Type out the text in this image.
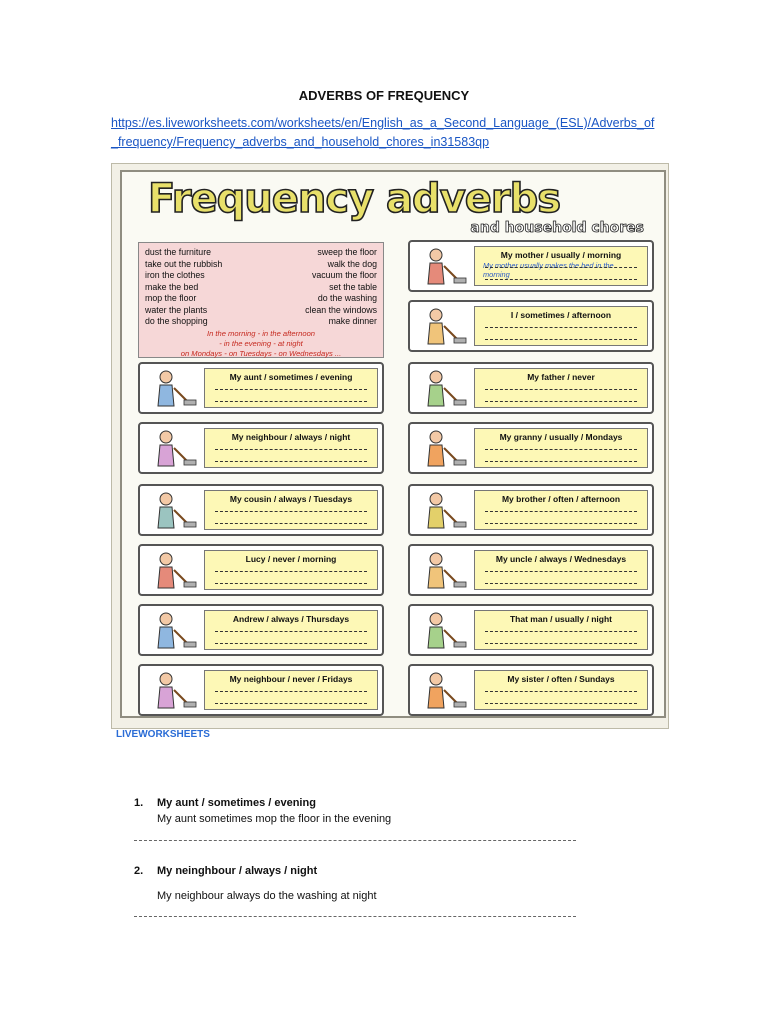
ADVERBS OF FREQUENCY
https://es.liveworksheets.com/worksheets/en/English_as_a_Second_Language_(ESL)/Adverbs_of_frequency/Frequency_adverbs_and_household_chores_in31583qp
Frequency adverbs
and household chores
dust the furniture	sweep the floor
take out the rubbish	walk the dog
iron the clothes	vacuum the floor
make the bed	set the table
mop the floor	do the washing
water the plants	clean the windows
do the shopping	make dinner
In the morning - in the afternoon
- in the evening - at night
on Mondays - on Tuesdays - on Wednesdays ...
My mother / usually / morning
My mother usually makes the bed in the morning
I / sometimes / afternoon
My aunt / sometimes / evening	My father / never
My neighbour / always / night	My granny / usually / Mondays
My cousin / always / Tuesdays	My brother / often / afternoon
Lucy / never / morning	My uncle / always / Wednesdays
Andrew / always / Thursdays	That man / usually / night
My neighbour / never / Fridays	My sister / often / Sundays
LIVEWORKSHEETS
1. My aunt / sometimes / evening
My aunt sometimes mop the floor in the evening
2. My neinghbour / always / night
My neighbour always do the washing at night
